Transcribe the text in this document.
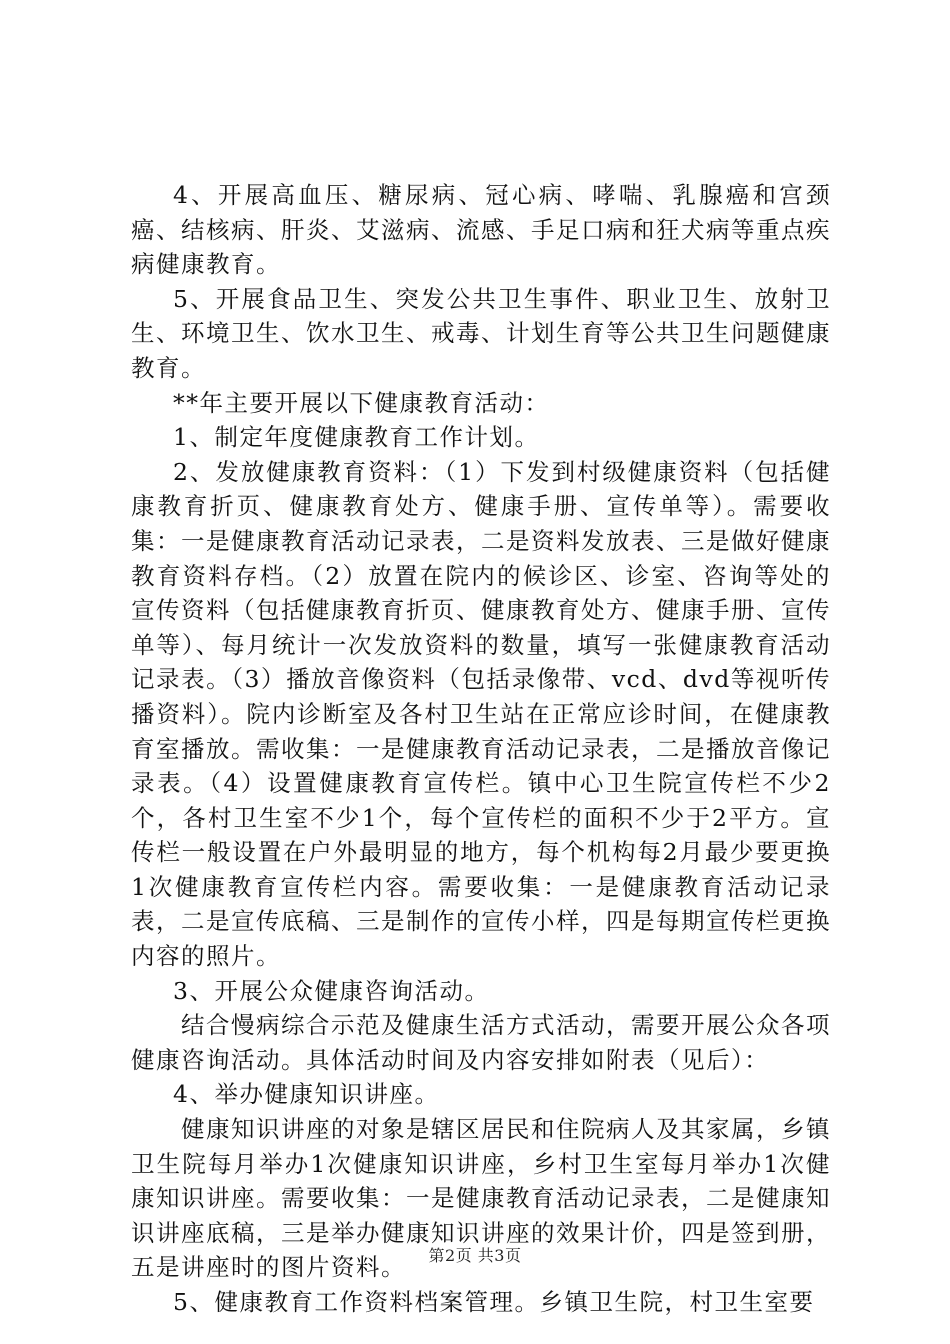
4、开展高血压、糖尿病、冠心病、哮喘、乳腺癌和宫颈癌、结核病、肝炎、艾滋病、流感、手足口病和狂犬病等重点疾病健康教育。

5、开展食品卫生、突发公共卫生事件、职业卫生、放射卫生、环境卫生、饮水卫生、戒毒、计划生育等公共卫生问题健康教育。

**年主要开展以下健康教育活动：

1、制定年度健康教育工作计划。

2、发放健康教育资料：（1）下发到村级健康资料（包括健康教育折页、健康教育处方、健康手册、宣传单等）。需要收集：一是健康教育活动记录表，二是资料发放表、三是做好健康教育资料存档。（2）放置在院内的候诊区、诊室、咨询等处的宣传资料（包括健康教育折页、健康教育处方、健康手册、宣传单等）、每月统计一次发放资料的数量，填写一张健康教育活动记录表。（3）播放音像资料（包括录像带、vcd、dvd等视听传播资料）。院内诊断室及各村卫生站在正常应诊时间，在健康教育室播放。需收集：一是健康教育活动记录表，二是播放音像记录表。（4）设置健康教育宣传栏。镇中心卫生院宣传栏不少2个，各村卫生室不少1个，每个宣传栏的面积不少于2平方。宣传栏一般设置在户外最明显的地方，每个机构每2月最少要更换1次健康教育宣传栏内容。需要收集：一是健康教育活动记录表，二是宣传底稿、三是制作的宣传小样，四是每期宣传栏更换内容的照片。

3、开展公众健康咨询活动。

结合慢病综合示范及健康生活方式活动，需要开展公众各项健康咨询活动。具体活动时间及内容安排如附表（见后）：

4、举办健康知识讲座。

健康知识讲座的对象是辖区居民和住院病人及其家属，乡镇卫生院每月举办1次健康知识讲座，乡村卫生室每月举办1次健康知识讲座。需要收集：一是健康教育活动记录表，二是健康知识讲座底稿，三是举办健康知识讲座的效果计价，四是签到册，五是讲座时的图片资料。

5、健康教育工作资料档案管理。乡镇卫生院，村卫生室要

第2页 共3页
